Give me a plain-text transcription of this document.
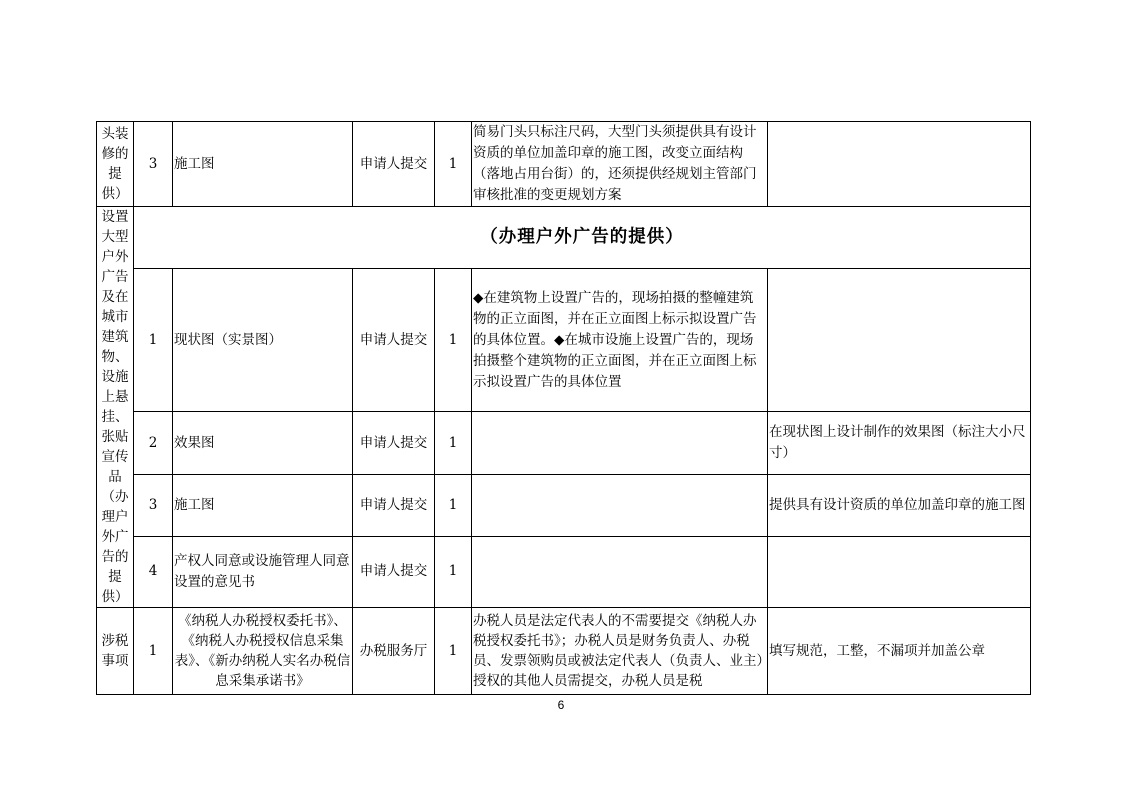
头装修的提供）	3	施工图	申请人提交	1	简易门头只标注尺码，大型门头须提供具有设计资质的单位加盖印章的施工图，改变立面结构（落地占用台街）的，还须提供经规划主管部门审核批准的变更规划方案	
设置大型户外广告及在城市建筑物、设施上悬挂、张贴宣传品（办理户外广告的提供）	（办理户外广告的提供）					
	1	现状图（实景图）	申请人提交	1	◆在建筑物上设置广告的，现场拍摄的整幢建筑物的正立面图，并在正立面图上标示拟设置广告的具体位置。◆在城市设施上设置广告的，现场拍摄整个建筑物的正立面图，并在正立面图上标示拟设置广告的具体位置	
	2	效果图	申请人提交	1		在现状图上设计制作的效果图（标注大小尺寸）
	3	施工图	申请人提交	1		提供具有设计资质的单位加盖印章的施工图
	4	产权人同意或设施管理人同意设置的意见书	申请人提交	1		
涉税事项	1	《纳税人办税授权委托书》、《纳税人办税授权信息采集表》、《新办纳税人实名办税信息采集承诺书》	办税服务厅	1	办税人员是法定代表人的不需要提交《纳税人办税授权委托书》；办税人员是财务负责人、办税员、发票领购员或被法定代表人（负责人、业主）授权的其他人员需提交，办税人员是税	填写规范，工整，不漏项并加盖公章
6
